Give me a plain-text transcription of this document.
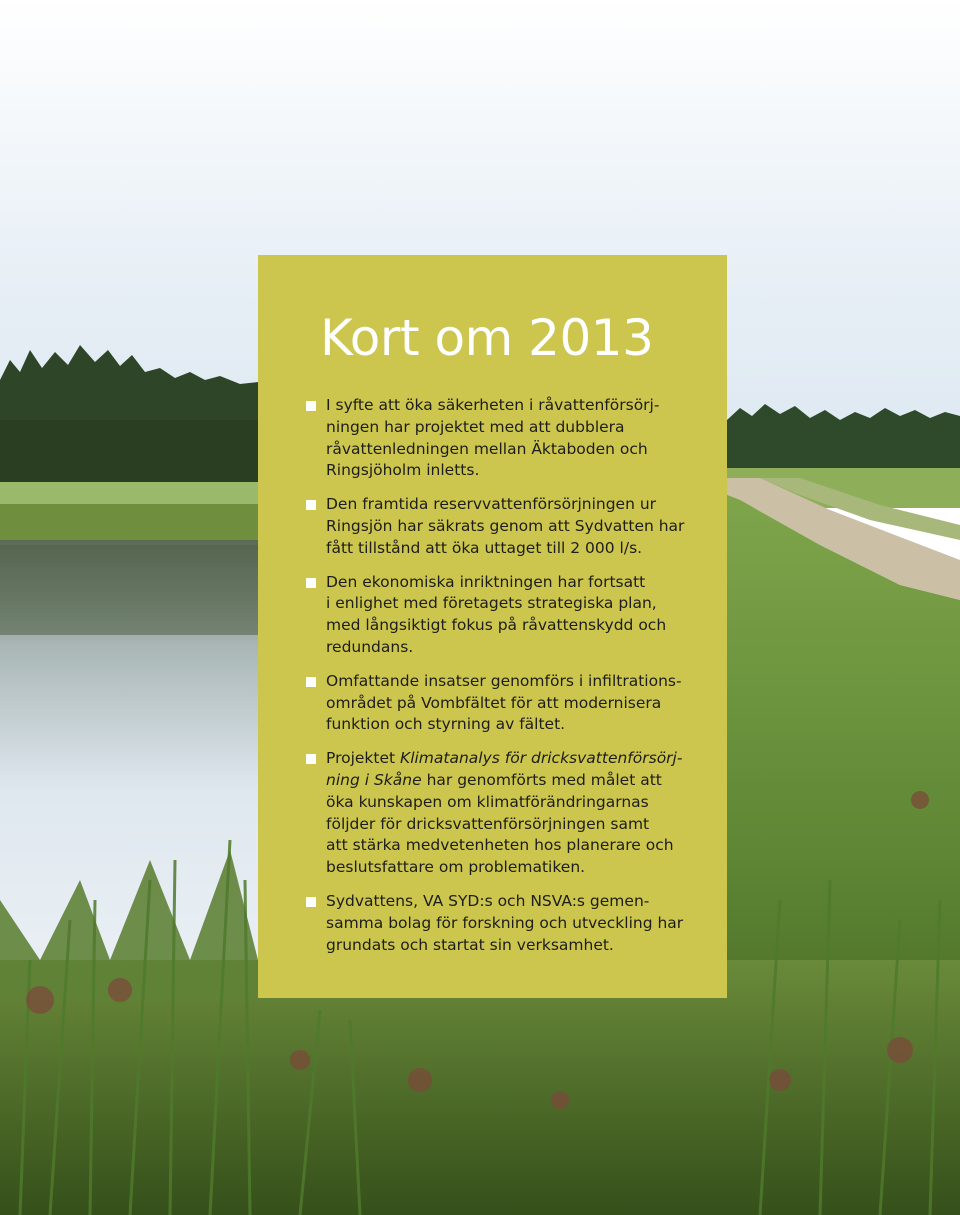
Kort om 2013
I syfte att öka säkerheten i råvattenförsörj-
ningen har projektet med att dubblera
råvattenledningen mellan Äktaboden och
Ringsjöholm inletts.
Den framtida reservvattenförsörjningen ur
Ringsjön har säkrats genom att Sydvatten har
fått tillstånd att öka uttaget till 2 000 l/s.
Den ekonomiska inriktningen har fortsatt
i enlighet med företagets strategiska plan,
med långsiktigt fokus på råvattenskydd och
redundans.
Omfattande insatser genomförs i infiltrations-
området på Vombfältet för att modernisera
funktion och styrning av fältet.
Projektet Klimatanalys för dricksvattenförsörj-
ning i Skåne har genomförts med målet att
öka kunskapen om klimatförändringarnas
följder för dricksvattenförsörjningen samt
att stärka medvetenheten hos planerare och
beslutsfattare om problematiken.
Sydvattens, VA SYD:s och NSVA:s gemen-
samma bolag för forskning och utveckling har
grundats och startat sin verksamhet.
